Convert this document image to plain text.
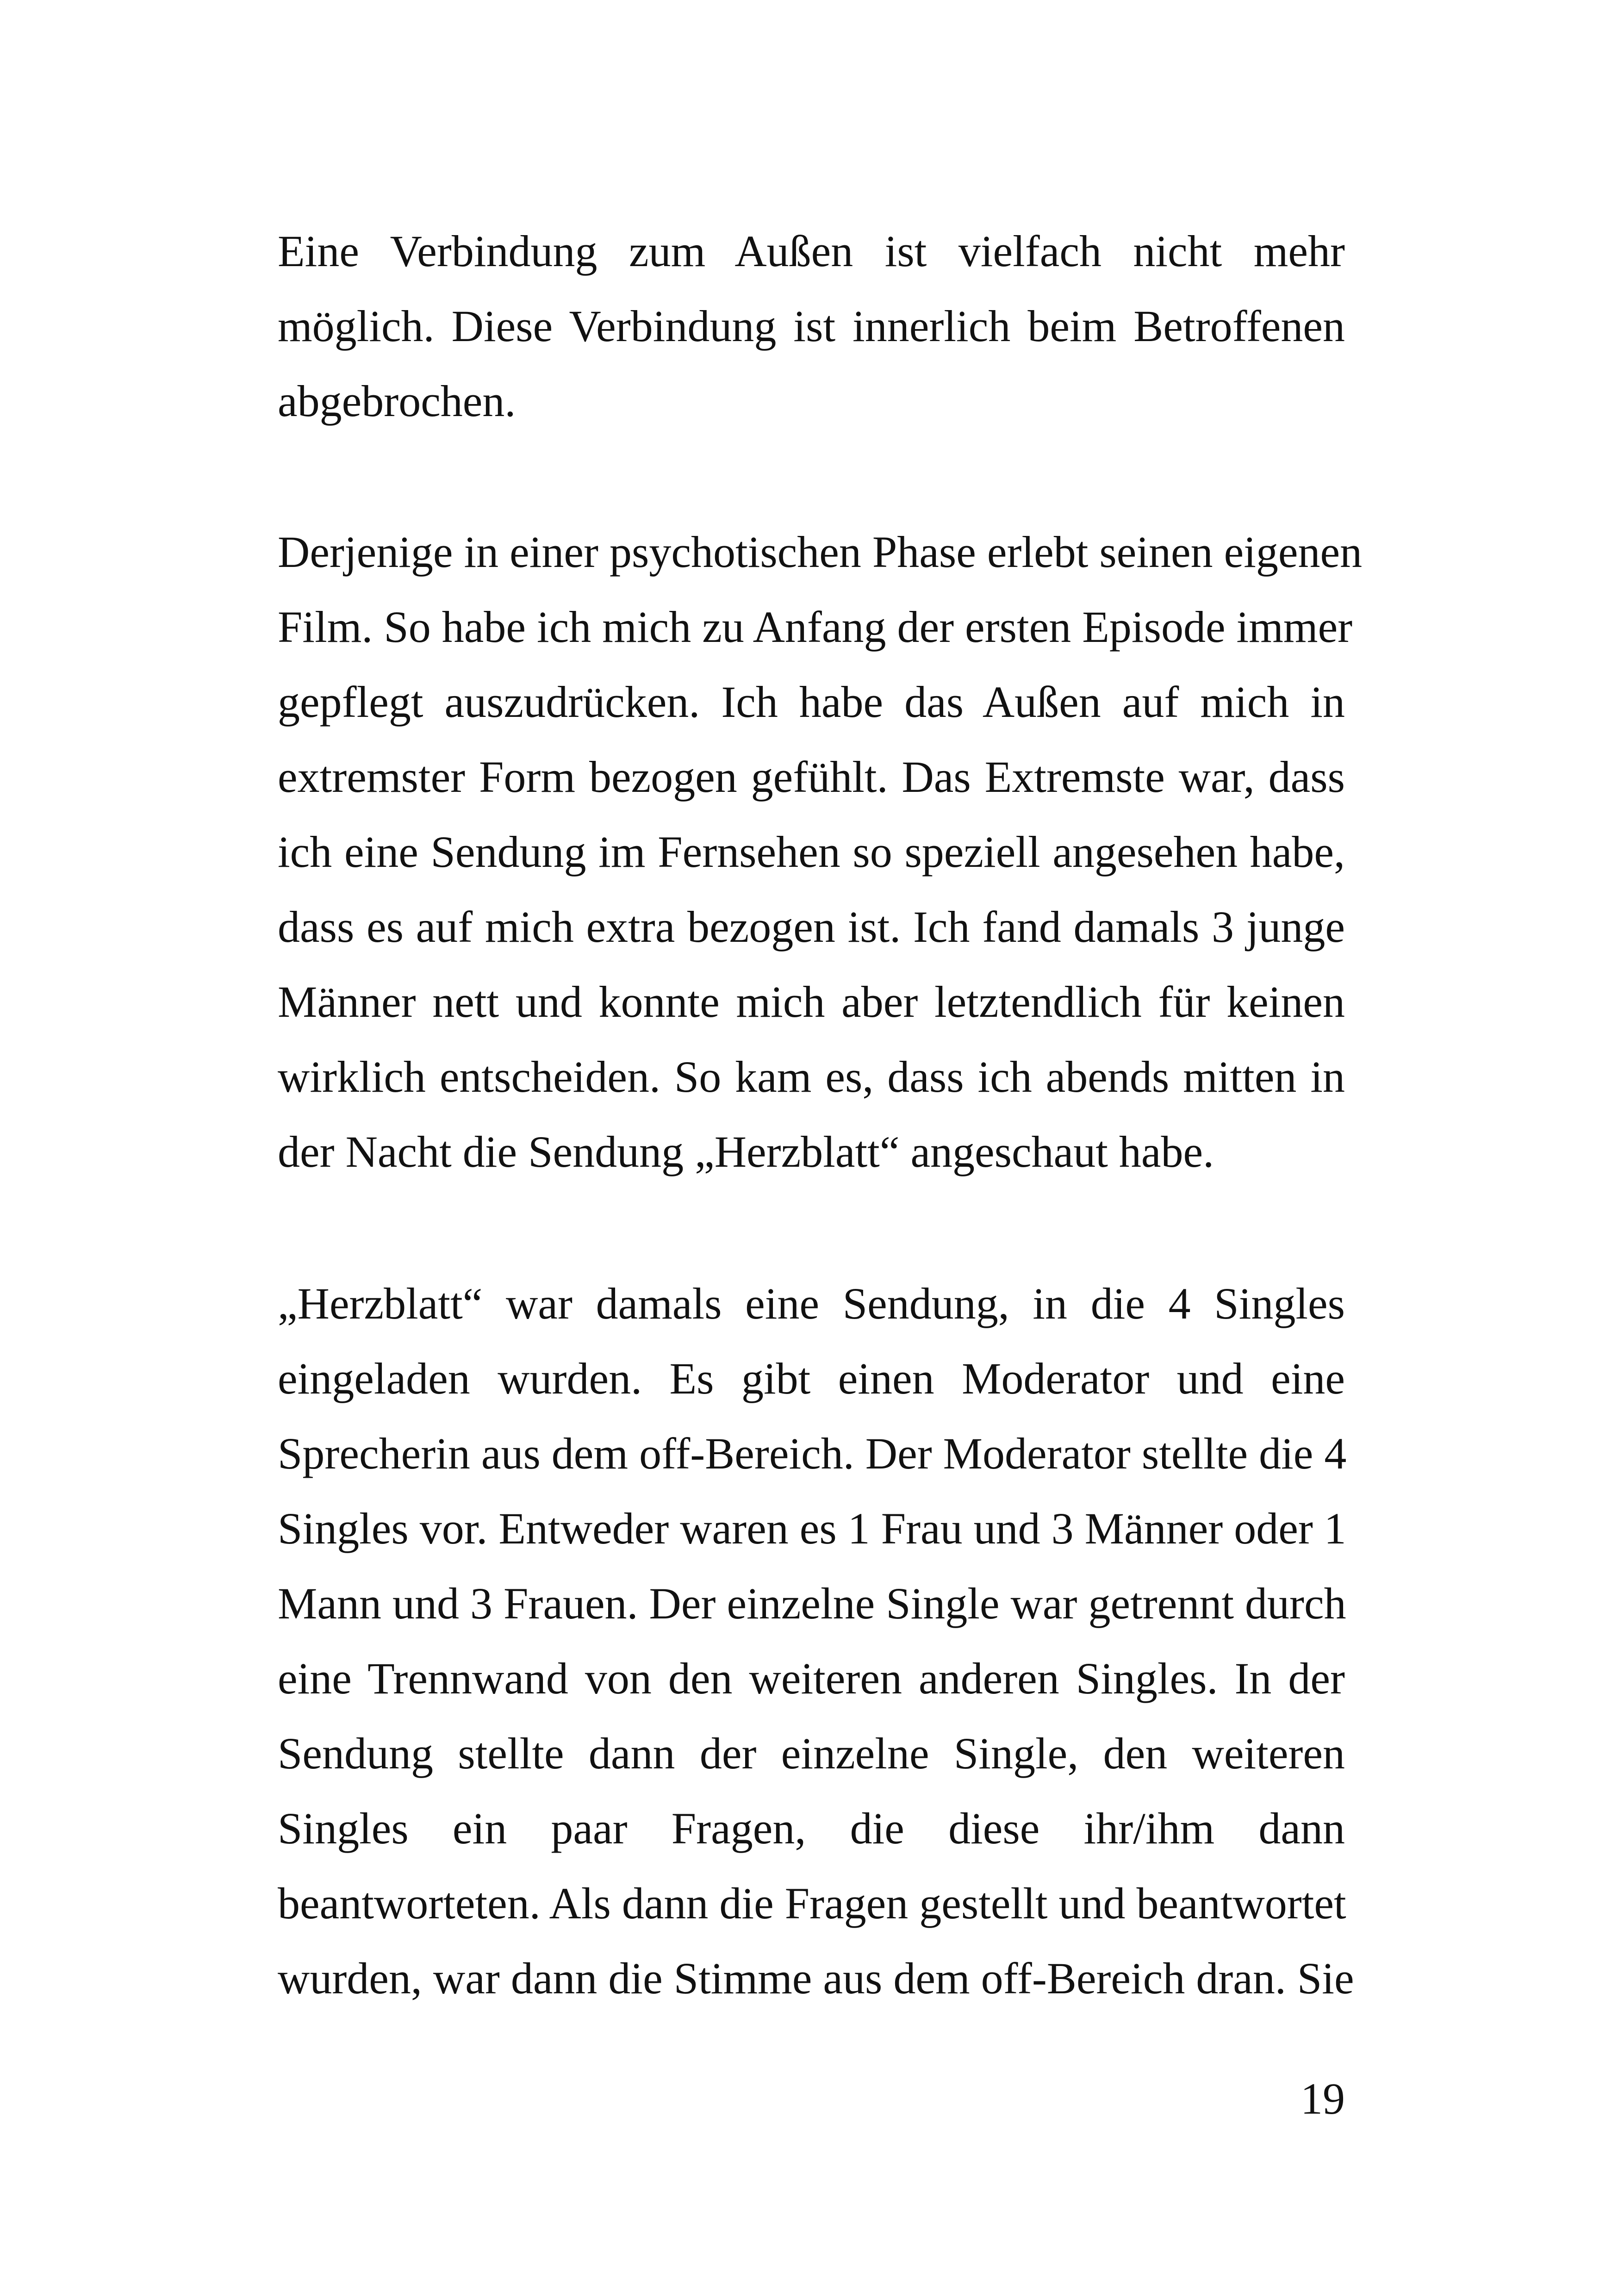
Eine Verbindung zum Außen ist vielfach nicht mehr
möglich. Diese Verbindung ist innerlich beim Betroffenen
abgebrochen.
Derjenige in einer psychotischen Phase erlebt seinen eigenen
Film. So habe ich mich zu Anfang der ersten Episode immer
gepflegt auszudrücken. Ich habe das Außen auf mich in
extremster Form bezogen gefühlt. Das Extremste war, dass
ich eine Sendung im Fernsehen so speziell angesehen habe,
dass es auf mich extra bezogen ist. Ich fand damals 3 junge
Männer nett und konnte mich aber letztendlich für keinen
wirklich entscheiden. So kam es, dass ich abends mitten in
der Nacht die Sendung „Herzblatt“ angeschaut habe.
„Herzblatt“ war damals eine Sendung, in die 4 Singles
eingeladen wurden. Es gibt einen Moderator und eine
Sprecherin aus dem off-Bereich. Der Moderator stellte die 4
Singles vor. Entweder waren es 1 Frau und 3 Männer oder 1
Mann und 3 Frauen. Der einzelne Single war getrennt durch
eine Trennwand von den weiteren anderen Singles. In der
Sendung stellte dann der einzelne Single, den weiteren
Singles ein paar Fragen, die diese ihr/ihm dann
beantworteten. Als dann die Fragen gestellt und beantwortet
wurden, war dann die Stimme aus dem off-Bereich dran. Sie
19
